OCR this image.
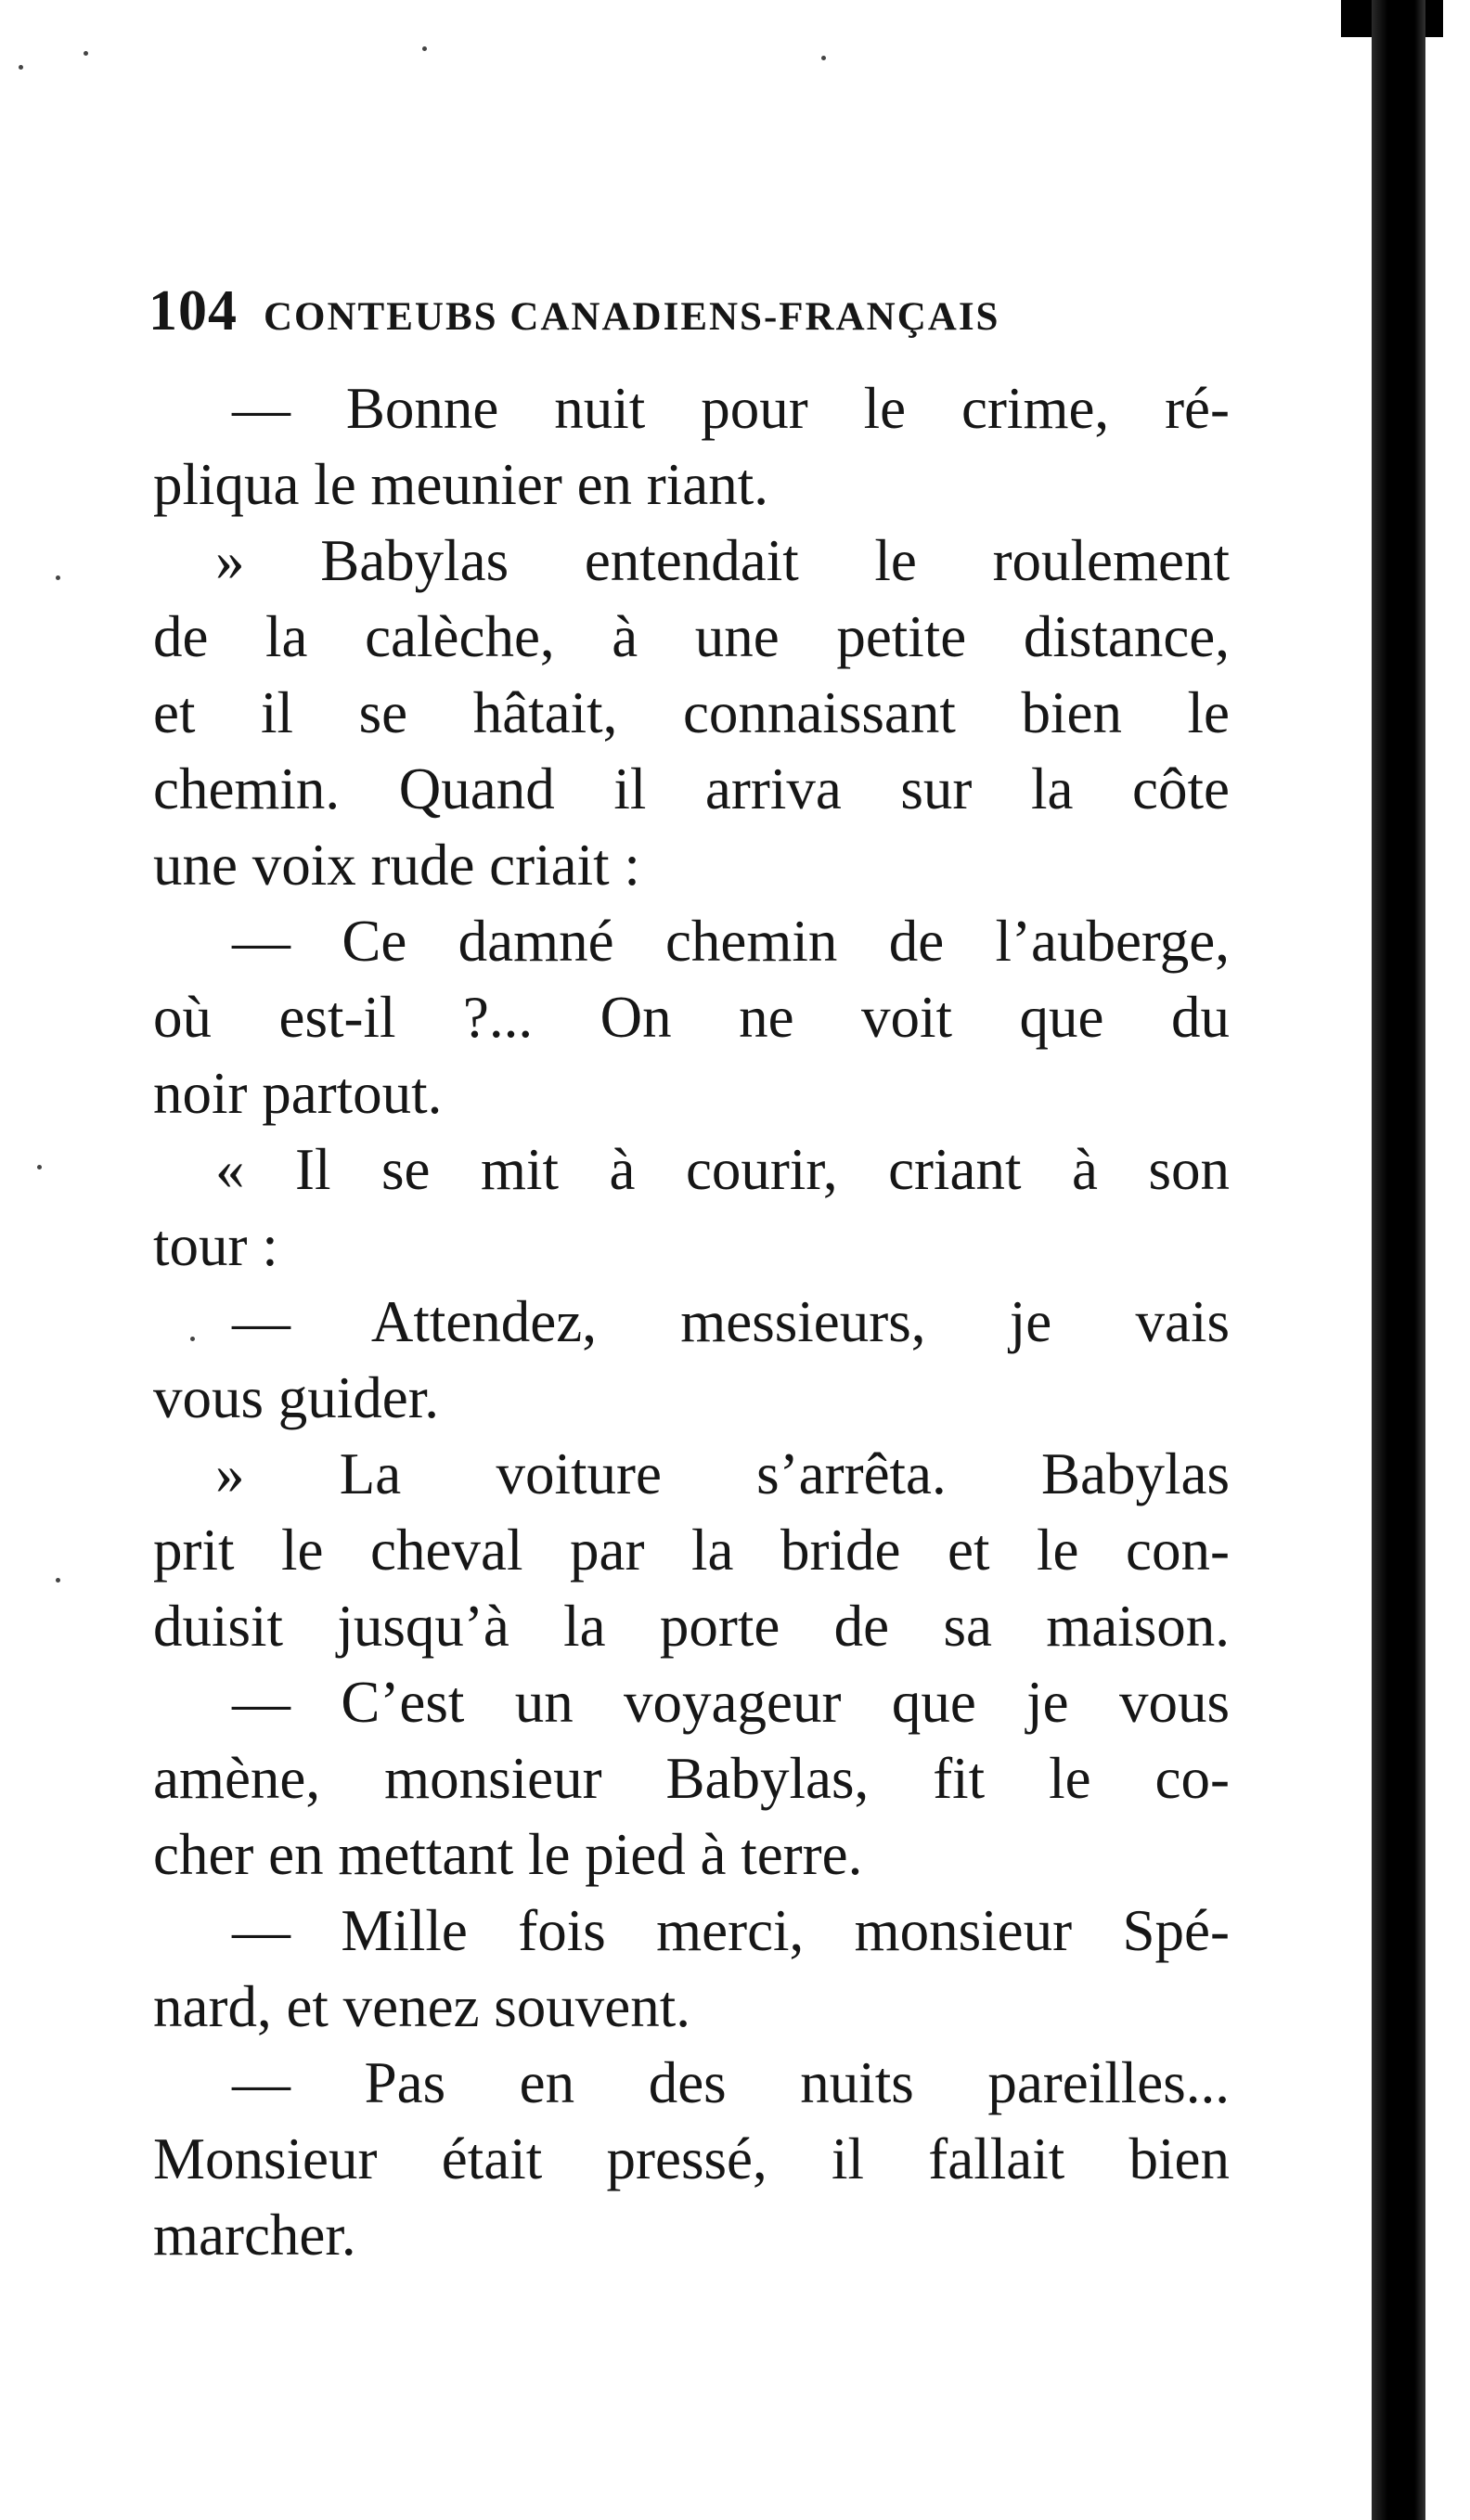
104 CONTEUBS CANADIENS-FRANÇAIS
— Bonne nuit pour le crime, ré-
pliqua le meunier en riant.
» Babylas entendait le roulement
de la calèche, à une petite distance,
et il se hâtait, connaissant bien le
chemin. Quand il arriva sur la côte
une voix rude criait :
— Ce damné chemin de l’auberge,
où est-il ?... On ne voit que du
noir partout.
« Il se mit à courir, criant à son
tour :
— Attendez, messieurs, je vais
vous guider.
» La voiture s’arrêta. Babylas
prit le cheval par la bride et le con-
duisit jusqu’à la porte de sa maison.
— C’est un voyageur que je vous
amène, monsieur Babylas, fit le co-
cher en mettant le pied à terre.
— Mille fois merci, monsieur Spé-
nard, et venez souvent.
— Pas en des nuits pareilles...
Monsieur était pressé, il fallait bien
marcher.
